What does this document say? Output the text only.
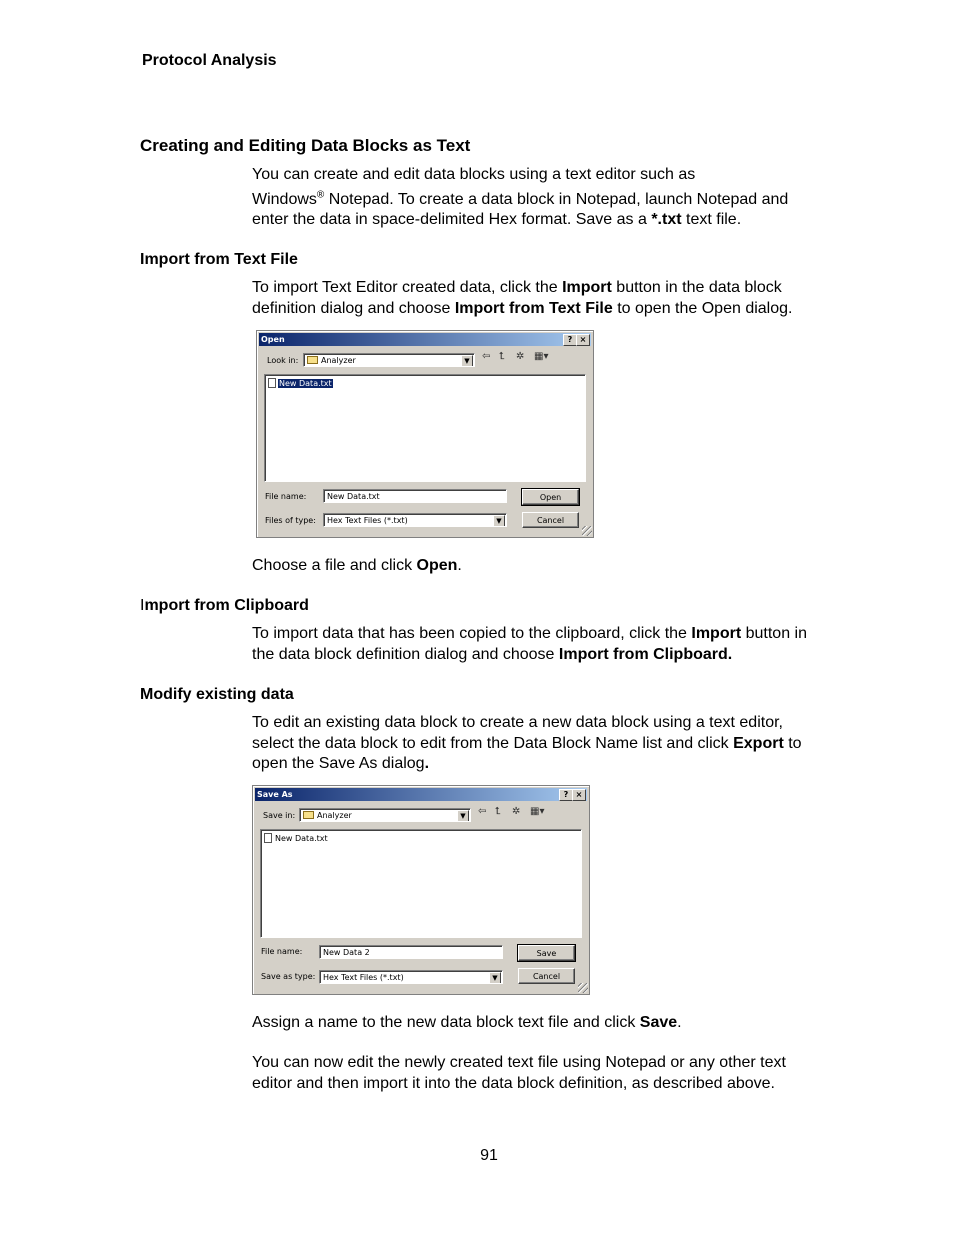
Protocol Analysis
Creating and Editing Data Blocks as Text
You can create and edit data blocks using a text editor such as
Windows® Notepad. To create a data block in Notepad, launch Notepad and
enter the data in space-delimited Hex format. Save as a *.txt text file.
Import from Text File
To import Text Editor created data, click the Import button in the data block
definition dialog and choose Import from Text File to open the Open dialog.
Open	? ×
Look in:	Analyzer	▼	⇦ ⮤ ✲ ▦▾
New Data.txt
File name:	New Data.txt	Open
Files of type:	Hex Text Files (*.txt)	▼	Cancel
Choose a file and click Open.
Import from Clipboard
To import data that has been copied to the clipboard, click the Import button in
the data block definition dialog and choose Import from Clipboard.
Modify existing data
To edit an existing data block to create a new data block using a text editor,
select the data block to edit from the Data Block Name list and click Export to
open the Save As dialog.
Save As	? ×
Save in:	Analyzer	▼	⇦ ⮤ ✲ ▦▾
New Data.txt
File name:	New Data 2	Save
Save as type: Hex Text Files (*.txt)	▼	Cancel
Assign a name to the new data block text file and click Save.
You can now edit the newly created text file using Notepad or any other text
editor and then import it into the data block definition, as described above.
91
